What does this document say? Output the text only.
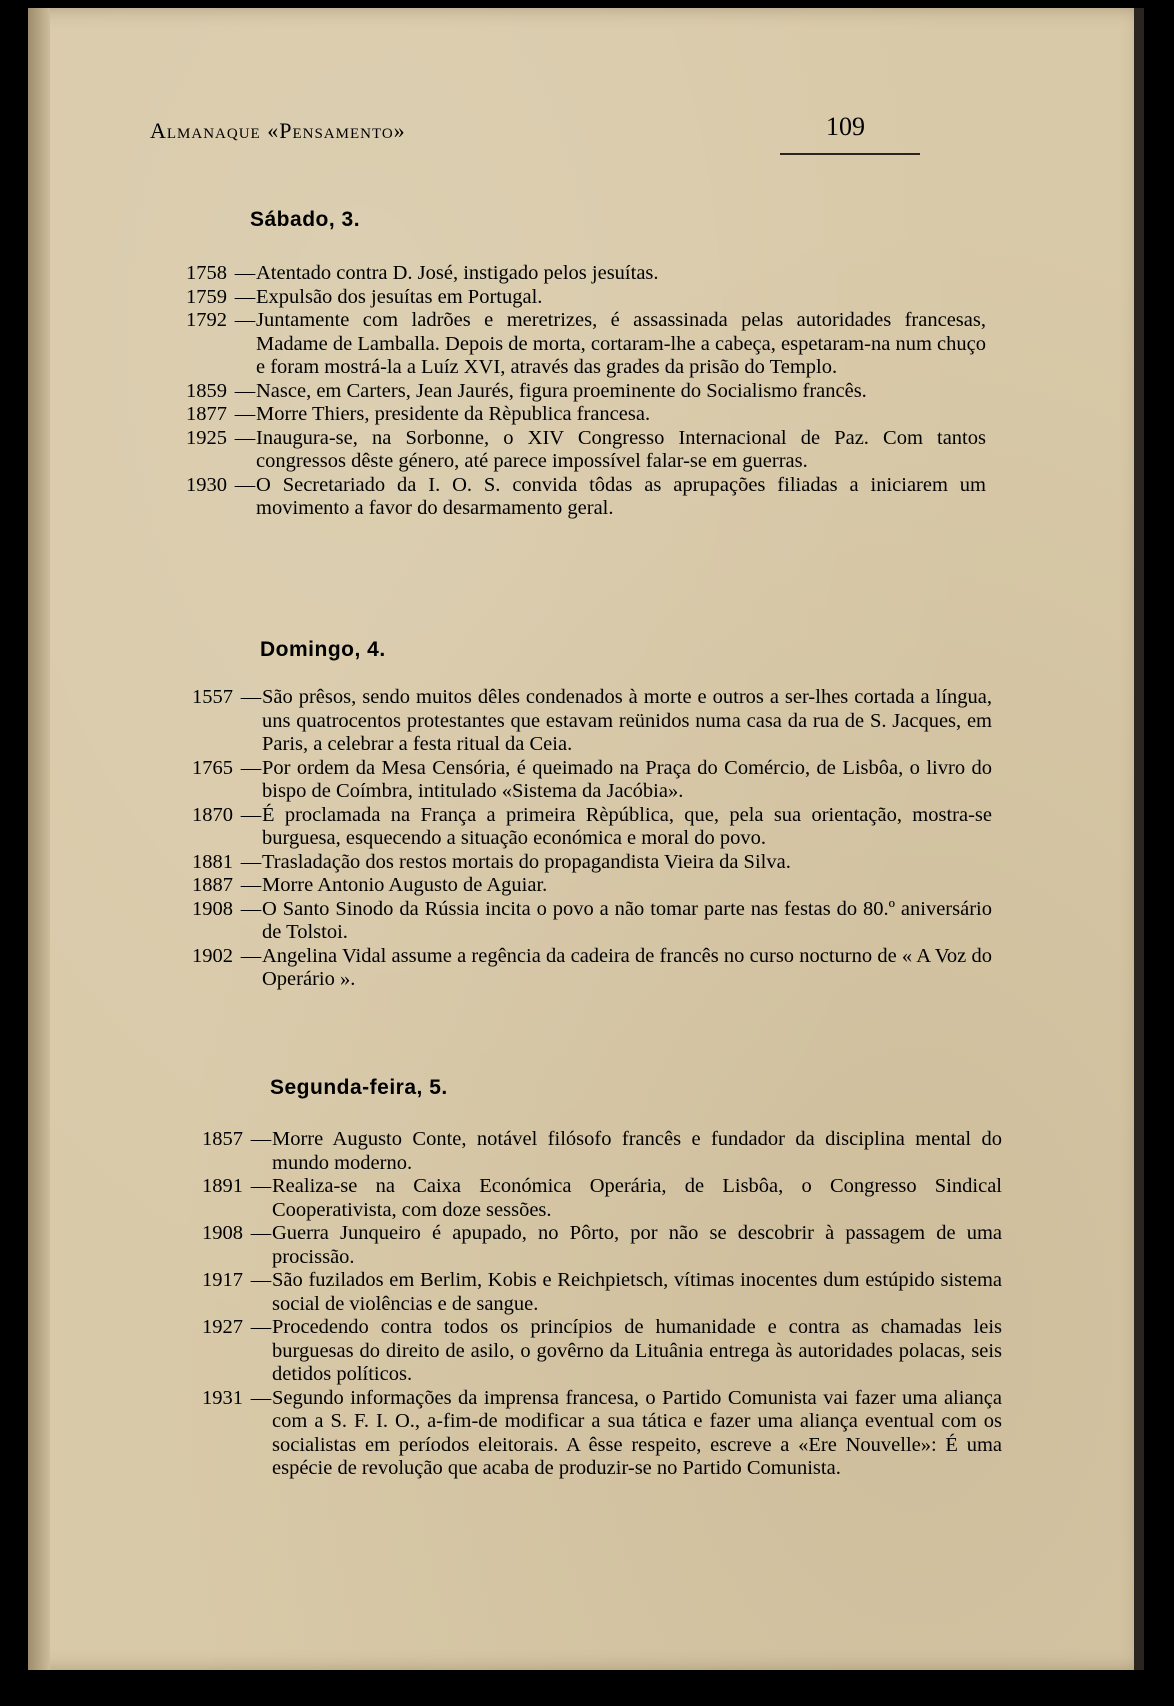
Almanaque «Pensamento»	109
Sábado, 3.
1758 — Atentado contra D. José, instigado pelos jesuítas.
1759 — Expulsão dos jesuítas em Portugal.
1792 — Juntamente com ladrões e meretrizes, é assassinada pelas autoridades francesas, Madame de Lamballa. Depois de morta, cortaram-lhe a cabeça, espetaram-na num chuço e foram mostrá-la a Luíz XVI, através das grades da prisão do Templo.
1859 — Nasce, em Carters, Jean Jaurés, figura proeminente do Socialismo francês.
1877 — Morre Thiers, presidente da Rèpublica francesa.
1925 — Inaugura-se, na Sorbonne, o XIV Congresso Internacional de Paz. Com tantos congressos dêste género, até parece impossível falar-se em guerras.
1930 — O Secretariado da I. O. S. convida tôdas as aprupações filiadas a iniciarem um movimento a favor do desarmamento geral.
Domingo, 4.
1557 — São prêsos, sendo muitos dêles condenados à morte e outros a ser-lhes cortada a língua, uns quatrocentos protestantes que estavam reünidos numa casa da rua de S. Jacques, em Paris, a celebrar a festa ritual da Ceia.
1765 — Por ordem da Mesa Censória, é queimado na Praça do Comércio, de Lisbôa, o livro do bispo de Coímbra, intitulado «Sistema da Jacóbia».
1870 — É proclamada na França a primeira Rèpública, que, pela sua orientação, mostra-se burguesa, esquecendo a situação económica e moral do povo.
1881 — Trasladação dos restos mortais do propagandista Vieira da Silva.
1887 — Morre Antonio Augusto de Aguiar.
1908 — O Santo Sinodo da Rússia incita o povo a não tomar parte nas festas do 80.º aniversário de Tolstoi.
1902 — Angelina Vidal assume a regência da cadeira de francês no curso nocturno de « A Voz do Operário ».
Segunda-feira, 5.
1857 — Morre Augusto Conte, notável filósofo francês e fundador da disciplina mental do mundo moderno.
1891 — Realiza-se na Caixa Económica Operária, de Lisbôa, o Congresso Sindical Cooperativista, com doze sessões.
1908 — Guerra Junqueiro é apupado, no Pôrto, por não se descobrir à passagem de uma procissão.
1917 — São fuzilados em Berlim, Kobis e Reichpietsch, vítimas inocentes dum estúpido sistema social de violências e de sangue.
1927 — Procedendo contra todos os princípios de humanidade e contra as chamadas leis burguesas do direito de asilo, o govêrno da Lituânia entrega às autoridades polacas, seis detidos políticos.
1931 — Segundo informações da imprensa francesa, o Partido Comunista vai fazer uma aliança com a S. F. I. O., a-fim-de modificar a sua tática e fazer uma aliança eventual com os socialistas em períodos eleitorais. A êsse respeito, escreve a «Ere Nouvelle»: É uma espécie de revolução que acaba de produzir-se no Partido Comunista.
